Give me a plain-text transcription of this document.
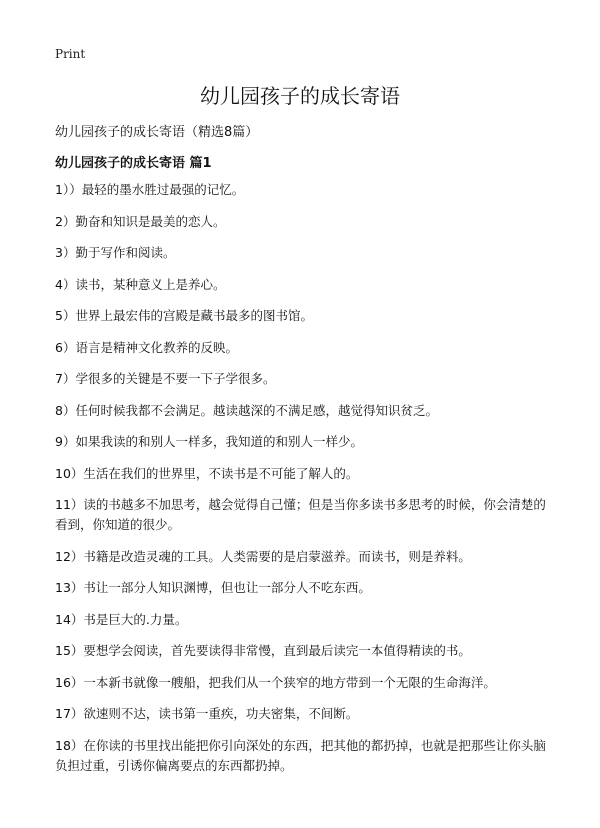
Print
幼儿园孩子的成长寄语
幼儿园孩子的成长寄语（精选8篇）
幼儿园孩子的成长寄语 篇1
1））最轻的墨水胜过最强的记忆。
2）勤奋和知识是最美的恋人。
3）勤于写作和阅读。
4）读书，某种意义上是养心。
5）世界上最宏伟的宫殿是藏书最多的图书馆。
6）语言是精神文化教养的反映。
7）学很多的关键是不要一下子学很多。
8）任何时候我都不会满足。越读越深的不满足感，越觉得知识贫乏。
9）如果我读的和别人一样多，我知道的和别人一样少。
10）生活在我们的世界里，不读书是不可能了解人的。
11）读的书越多不加思考，越会觉得自己懂；但是当你多读书多思考的时候，你会清楚的看到，你知道的很少。
12）书籍是改造灵魂的工具。人类需要的是启蒙滋养。而读书，则是养料。
13）书让一部分人知识渊博，但也让一部分人不吃东西。
14）书是巨大的.力量。
15）要想学会阅读，首先要读得非常慢，直到最后读完一本值得精读的书。
16）一本新书就像一艘船，把我们从一个狭窄的地方带到一个无限的生命海洋。
17）欲速则不达，读书第一重疾，功夫密集，不间断。
18）在你读的书里找出能把你引向深处的东西，把其他的都扔掉，也就是把那些让你头脑负担过重，引诱你偏离要点的东西都扔掉。
